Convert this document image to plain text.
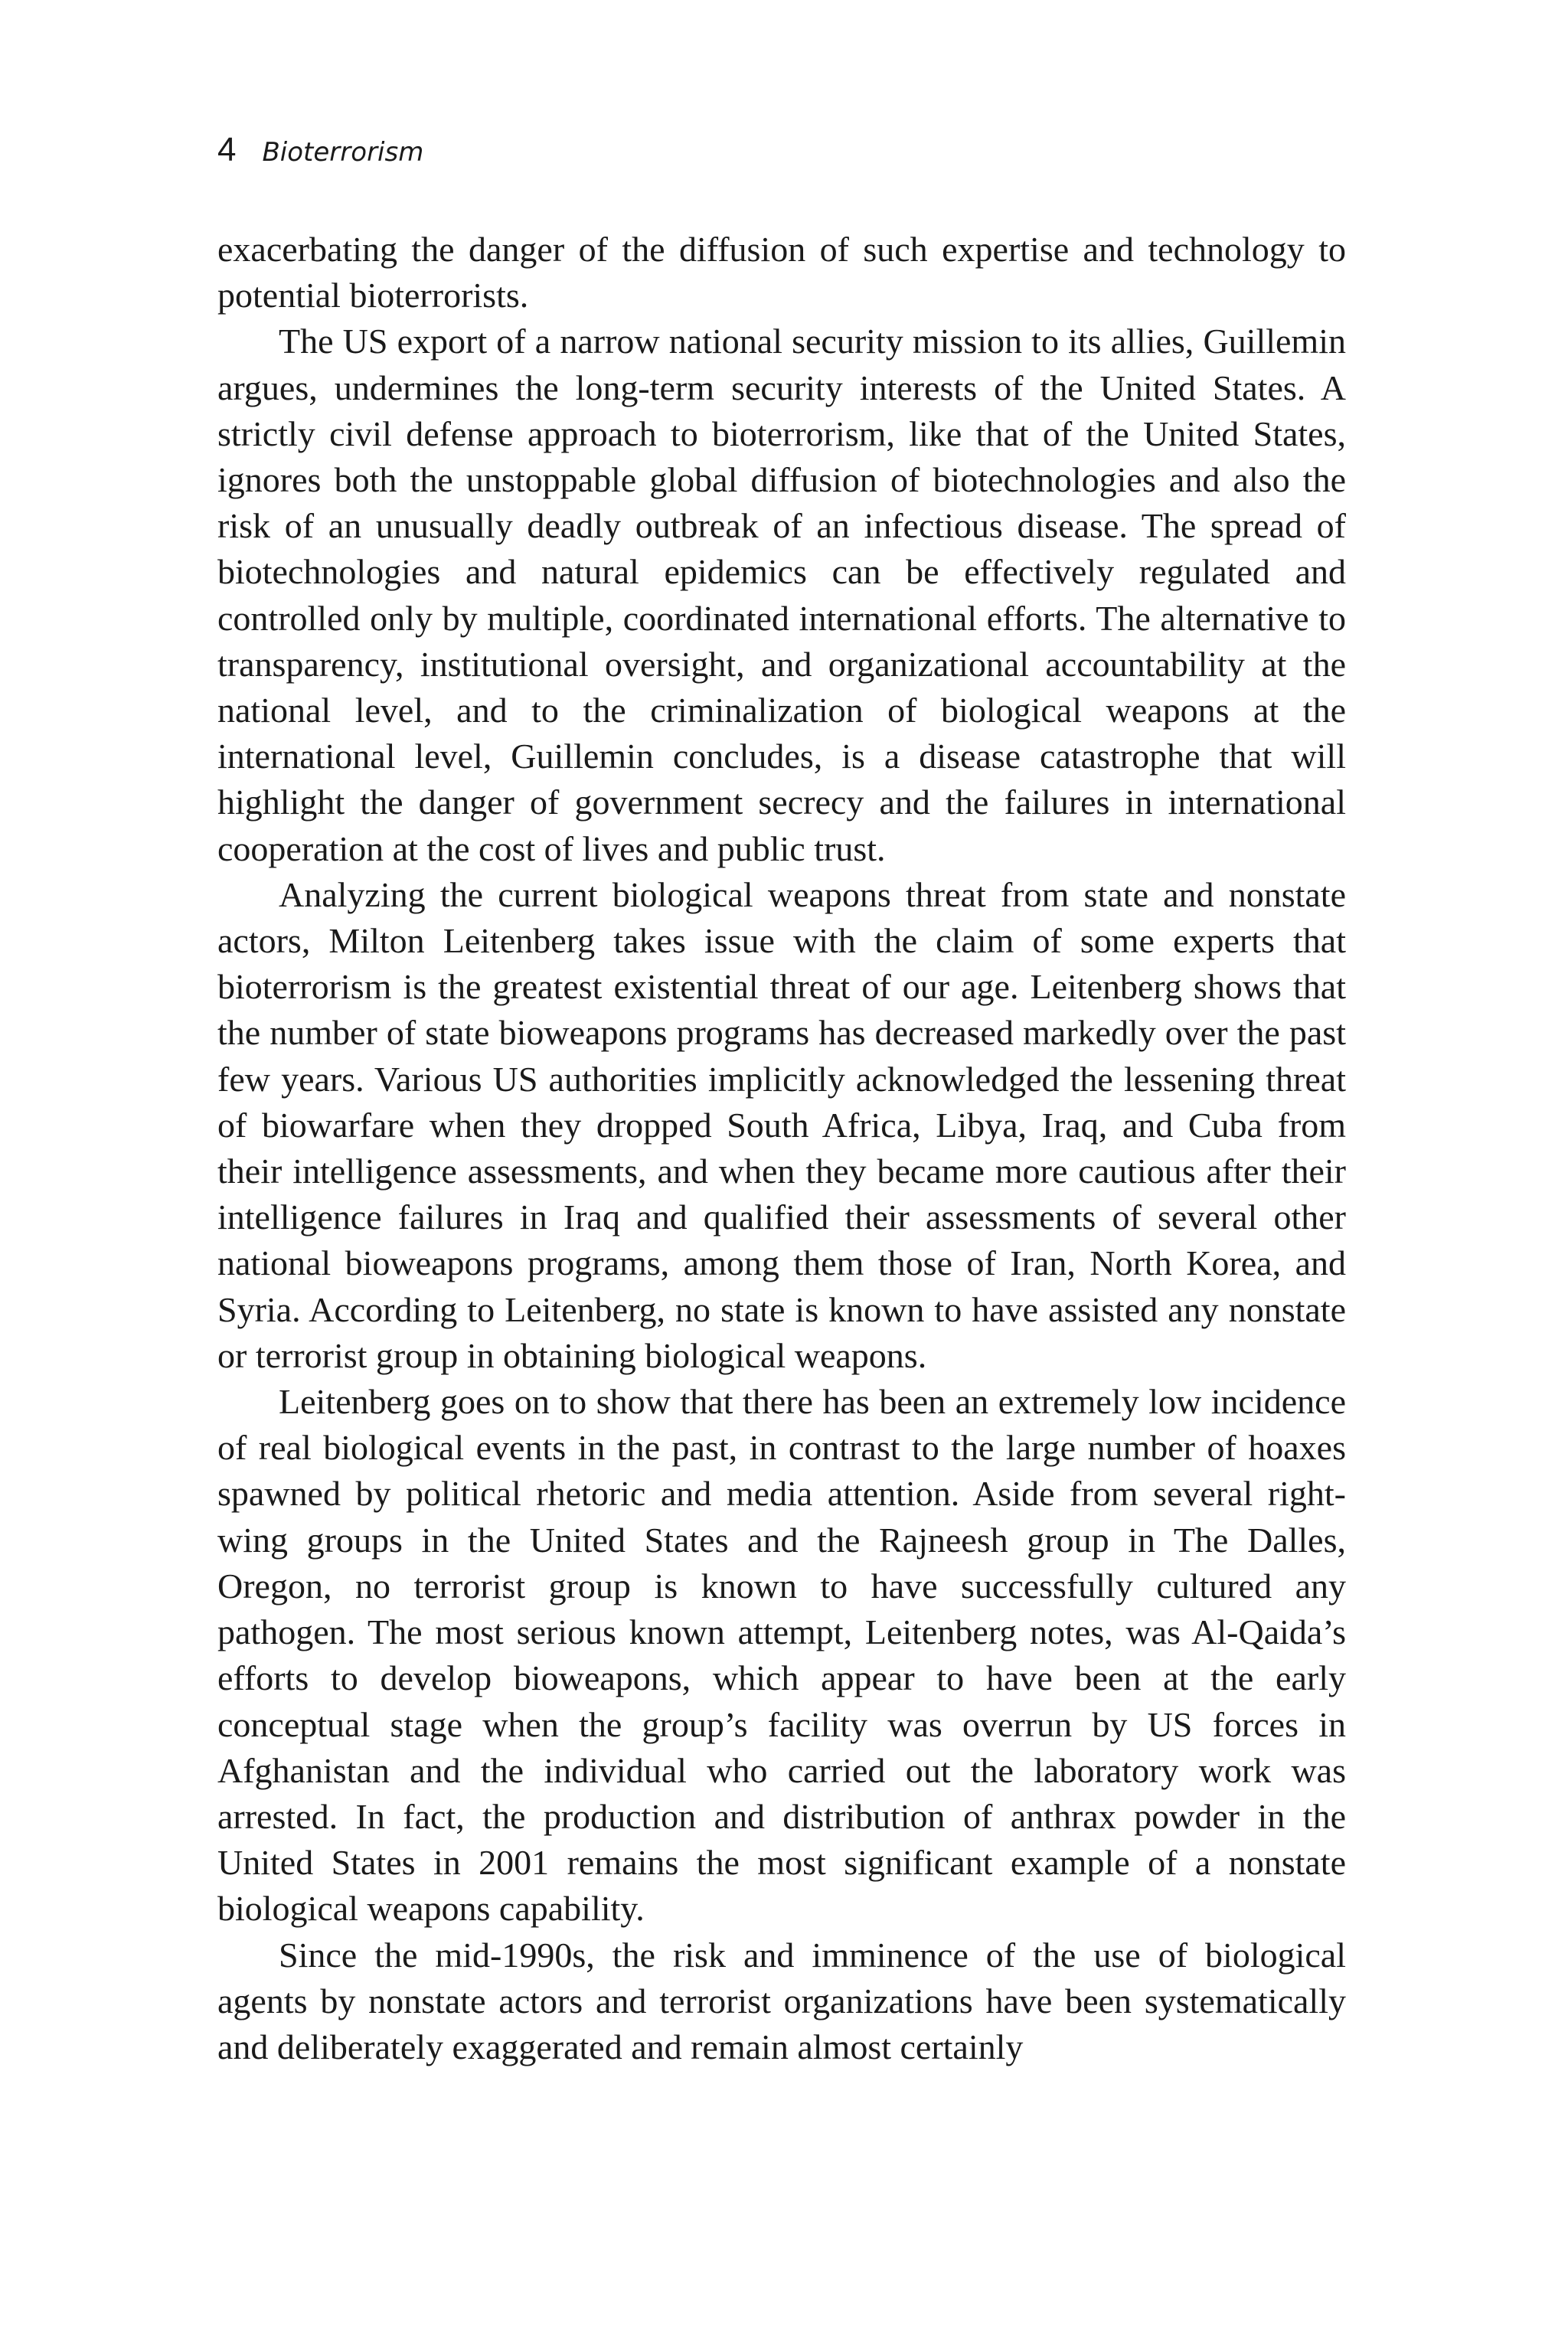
4 Bioterrorism

exacerbating the danger of the diffusion of such expertise and technology to potential bioterrorists.

The US export of a narrow national security mission to its allies, Guillemin argues, undermines the long-term security interests of the United States. A strictly civil defense approach to bioterrorism, like that of the United States, ignores both the unstoppable global diffusion of biotechnologies and also the risk of an unusually deadly outbreak of an infectious disease. The spread of biotechnologies and natural epidemics can be effectively regulated and controlled only by multiple, coordinated international efforts. The alternative to transparency, institutional oversight, and organizational accountability at the national level, and to the criminalization of biological weapons at the international level, Guillemin concludes, is a disease catastrophe that will highlight the danger of government secrecy and the failures in international cooperation at the cost of lives and public trust.

Analyzing the current biological weapons threat from state and nonstate actors, Milton Leitenberg takes issue with the claim of some experts that bioterrorism is the greatest existential threat of our age. Leitenberg shows that the number of state bioweapons programs has decreased markedly over the past few years. Various US authorities implicitly acknowledged the lessening threat of biowarfare when they dropped South Africa, Libya, Iraq, and Cuba from their intelligence assessments, and when they became more cautious after their intelligence failures in Iraq and qualified their assessments of several other national bioweapons programs, among them those of Iran, North Korea, and Syria. According to Leitenberg, no state is known to have assisted any nonstate or terrorist group in obtaining biological weapons.

Leitenberg goes on to show that there has been an extremely low incidence of real biological events in the past, in contrast to the large number of hoaxes spawned by political rhetoric and media attention. Aside from several right-wing groups in the United States and the Rajneesh group in The Dalles, Oregon, no terrorist group is known to have successfully cultured any pathogen. The most serious known attempt, Leitenberg notes, was Al-Qaida’s efforts to develop bioweapons, which appear to have been at the early conceptual stage when the group’s facility was overrun by US forces in Afghanistan and the individual who carried out the laboratory work was arrested. In fact, the production and distribution of anthrax powder in the United States in 2001 remains the most significant example of a nonstate biological weapons capability.

Since the mid-1990s, the risk and imminence of the use of biological agents by nonstate actors and terrorist organizations have been systematically and deliberately exaggerated and remain almost certainly
